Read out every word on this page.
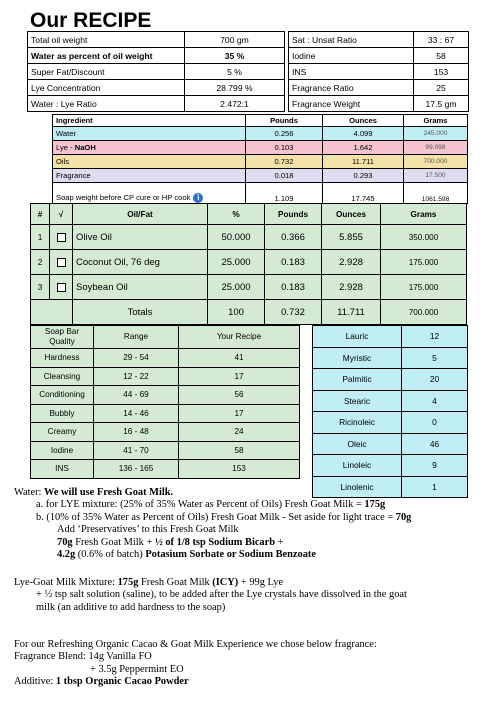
Our RECIPE
Total oil weight	700 gm
Water as percent of oil weight	35 %
Super Fat/Discount	5 %
Lye Concentration	28.799 %
Water : Lye Ratio	2.472:1
Sat : Unsat Ratio	33 : 67
Iodine	58
INS	153
Fragrance Ratio	25
Fragrance Weight	17.5 gm
Ingredient	Pounds	Ounces	Grams
Water	0.256	4.099	245.000
Lye - NaOH	0.103	1.642	99.098
Oils	0.732	11.711	700.000
Fragrance	0.018	0.293	17.500
Soap weight before CP cure or HP cook i	1.109	17.745	1061.598
#	√	Oil/Fat	%	Pounds	Ounces	Grams
1		Olive Oil	50.000	0.366	5.855	350.000
2		Coconut Oil, 76 deg	25.000	0.183	2.928	175.000
3		Soybean Oil	25.000	0.183	2.928	175.000
		Totals	100	0.732	11.711	700.000
Soap Bar Quality	Range	Your Recipe
Hardness	29 - 54	41
Cleansing	12 - 22	17
Conditioning	44 - 69	56
Bubbly	14 - 46	17
Creamy	16 - 48	24
Iodine	41 - 70	58
INS	136 - 165	153
Lauric	12
Myristic	5
Palmitic	20
Stearic	4
Ricinoleic	0
Oleic	46
Linoleic	9
Linolenic	1
Water: We will use Fresh Goat Milk.
a. for LYE mixture: (25% of 35% Water as Percent of Oils) Fresh Goat Milk = 175g
b. (10% of 35% Water as Percent of Oils) Fresh Goat Milk - Set aside for light trace = 70g
Add ‘Preservatives’ to this Fresh Goat Milk
70g Fresh Goat Milk + ½ of 1/8 tsp Sodium Bicarb +
4.2g (0.6% of batch) Potasium Sorbate or Sodium Benzoate
Lye-Goat Milk Mixture: 175g Fresh Goat Milk (ICY) + 99g Lye
+ ½ tsp salt solution (saline), to be added after the Lye crystals have dissolved in the goat
milk (an additive to add hardness to the soap)
For our Refreshing Organic Cacao & Goat Milk Experience we chose below fragrance:
Fragrance Blend: 14g Vanilla FO
+ 3.5g Peppermint EO
Additive: 1 tbsp Organic Cacao Powder
